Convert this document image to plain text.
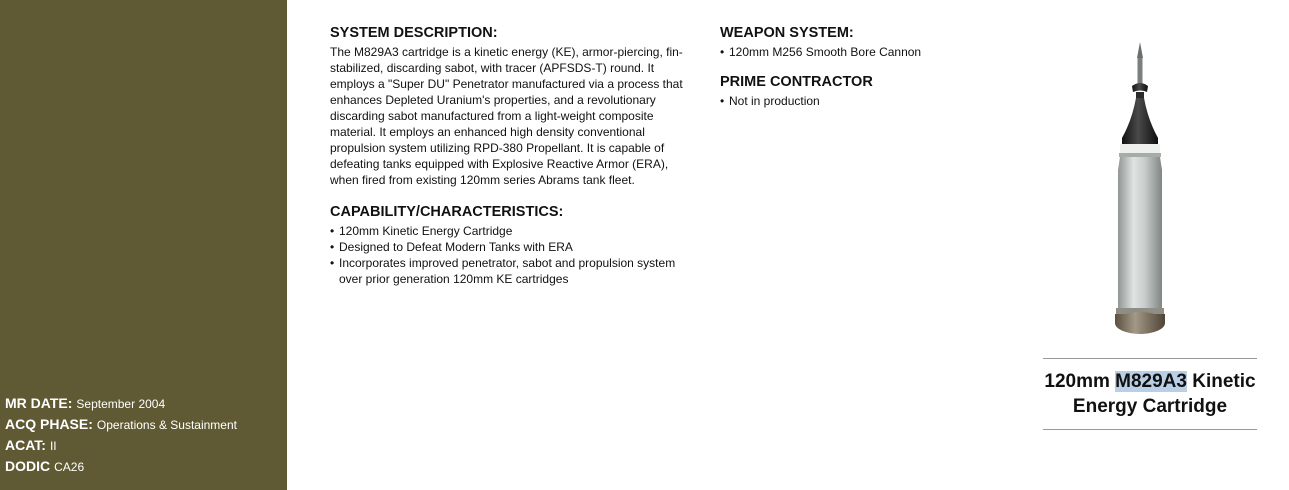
MR DATE: September 2004
ACQ PHASE: Operations & Sustainment
ACAT: II
DODIC CA26
SYSTEM DESCRIPTION:
The M829A3 cartridge is a kinetic energy (KE), armor-piercing, fin-
stabilized, discarding sabot, with tracer (APFSDS-T) round. It
employs a "Super DU" Penetrator manufactured via a process that
enhances Depleted Uranium's properties, and a revolutionary
discarding sabot manufactured from a light-weight composite
material. It employs an enhanced high density conventional
propulsion system utilizing RPD-380 Propellant. It is capable of
defeating tanks equipped with Explosive Reactive Armor (ERA),
when fired from existing 120mm series Abrams tank fleet.
CAPABILITY/CHARACTERISTICS:
• 120mm Kinetic Energy Cartridge
• Designed to Defeat Modern Tanks with ERA
• Incorporates improved penetrator, sabot and propulsion system
over prior generation 120mm KE cartridges
WEAPON SYSTEM:
• 120mm M256 Smooth Bore Cannon
PRIME CONTRACTOR
• Not in production
120mm M829A3 Kinetic
Energy Cartridge
